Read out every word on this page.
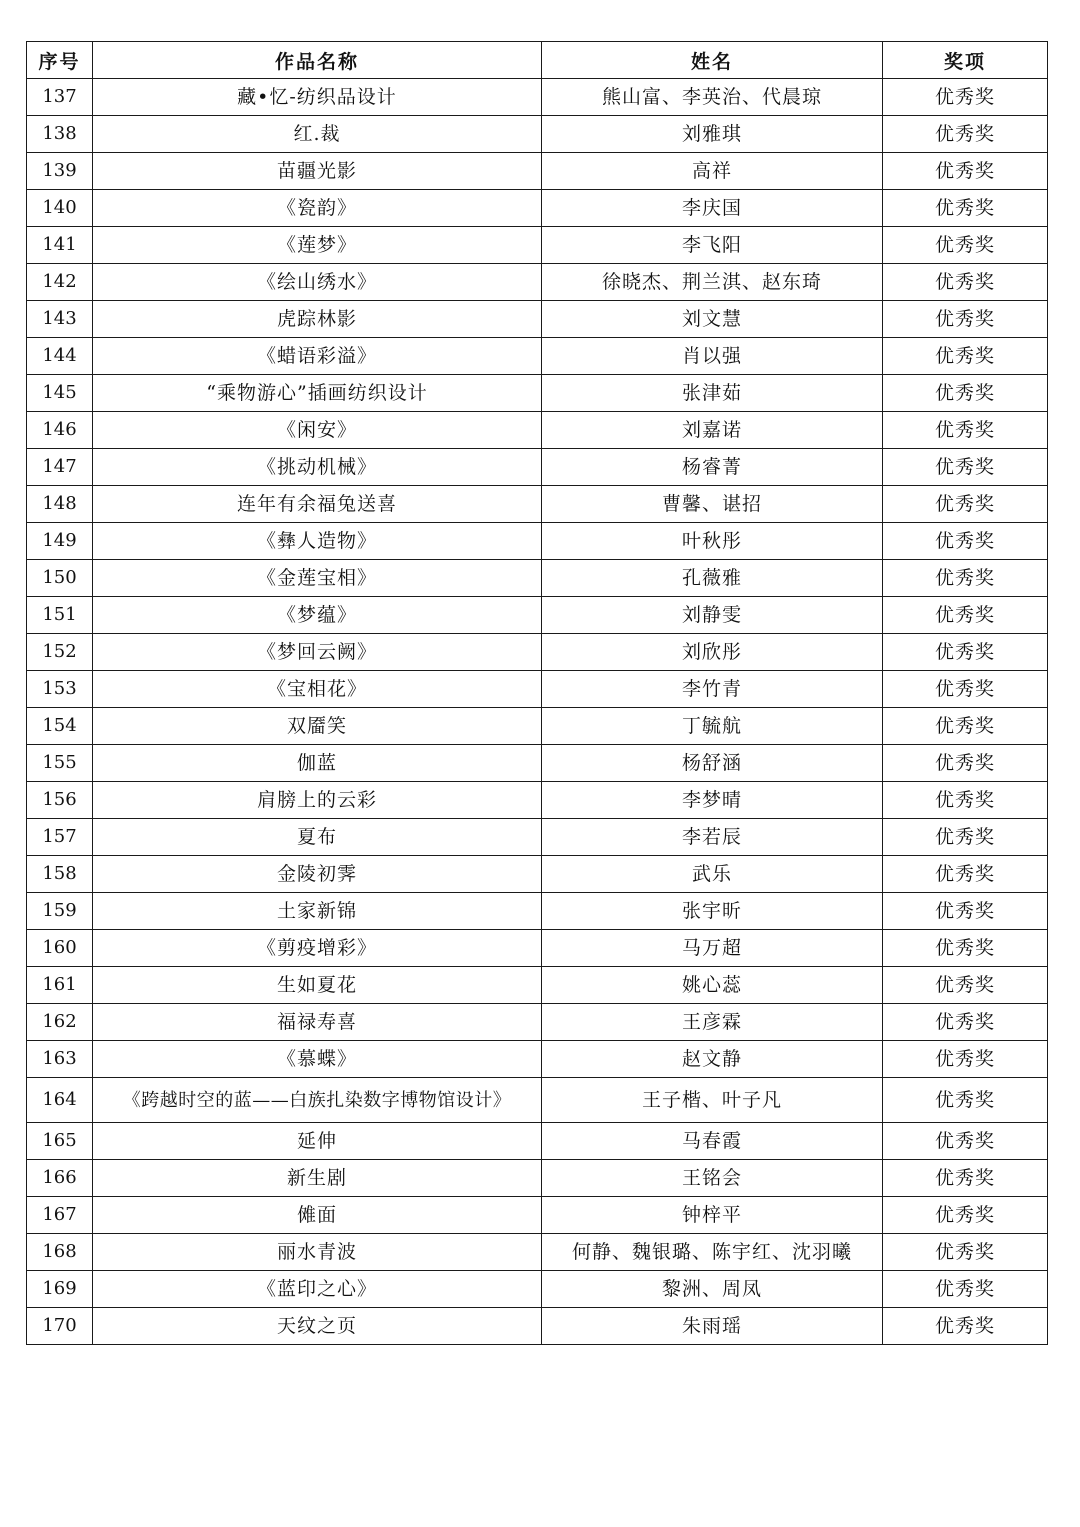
序号	作品名称	姓名	奖项
137	藏•忆-纺织品设计	熊山富、李英治、代晨琼	优秀奖
138	红.裁	刘雅琪	优秀奖
139	苗疆光影	高祥	优秀奖
140	《瓷韵》	李庆国	优秀奖
141	《莲梦》	李飞阳	优秀奖
142	《绘山绣水》	徐晓杰、荆兰淇、赵东琦	优秀奖
143	虎踪林影	刘文慧	优秀奖
144	《蜡语彩溢》	肖以强	优秀奖
145	“乘物游心”插画纺织设计	张津茹	优秀奖
146	《闲安》	刘嘉诺	优秀奖
147	《挑动机械》	杨睿菁	优秀奖
148	连年有余福兔送喜	曹馨、谌招	优秀奖
149	《彝人造物》	叶秋彤	优秀奖
150	《金莲宝相》	孔薇雅	优秀奖
151	《梦蕴》	刘静雯	优秀奖
152	《梦回云阙》	刘欣彤	优秀奖
153	《宝相花》	李竹青	优秀奖
154	双靥笑	丁毓航	优秀奖
155	伽蓝	杨舒涵	优秀奖
156	肩膀上的云彩	李梦晴	优秀奖
157	夏布	李若辰	优秀奖
158	金陵初霁	武乐	优秀奖
159	土家新锦	张宇昕	优秀奖
160	《剪疫增彩》	马万超	优秀奖
161	生如夏花	姚心蕊	优秀奖
162	福禄寿喜	王彦霖	优秀奖
163	《慕蝶》	赵文静	优秀奖
164	《跨越时空的蓝——白族扎染数字博物馆设计》	王子楷、叶子凡	优秀奖
165	延伸	马春霞	优秀奖
166	新生剧	王铭会	优秀奖
167	傩面	钟梓平	优秀奖
168	丽水青波	何静、魏银璐、陈宇红、沈羽曦	优秀奖
169	《蓝印之心》	黎洲、周凤	优秀奖
170	天纹之页	朱雨瑶	优秀奖
